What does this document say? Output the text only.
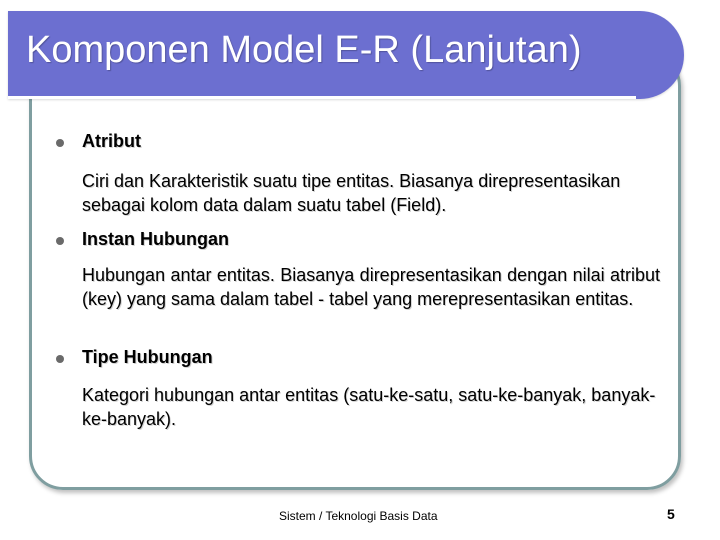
Komponen Model E-R (Lanjutan)

Atribut

Ciri dan Karakteristik suatu tipe entitas. Biasanya direpresentasikan sebagai kolom data dalam suatu tabel (Field).

Instan Hubungan

Hubungan antar entitas. Biasanya direpresentasikan dengan nilai atribut (key) yang sama dalam tabel - tabel yang merepresentasikan entitas.

Tipe Hubungan

Kategori hubungan antar entitas (satu-ke-satu, satu-ke-banyak, banyak-ke-banyak).

Sistem / Teknologi Basis Data	5
